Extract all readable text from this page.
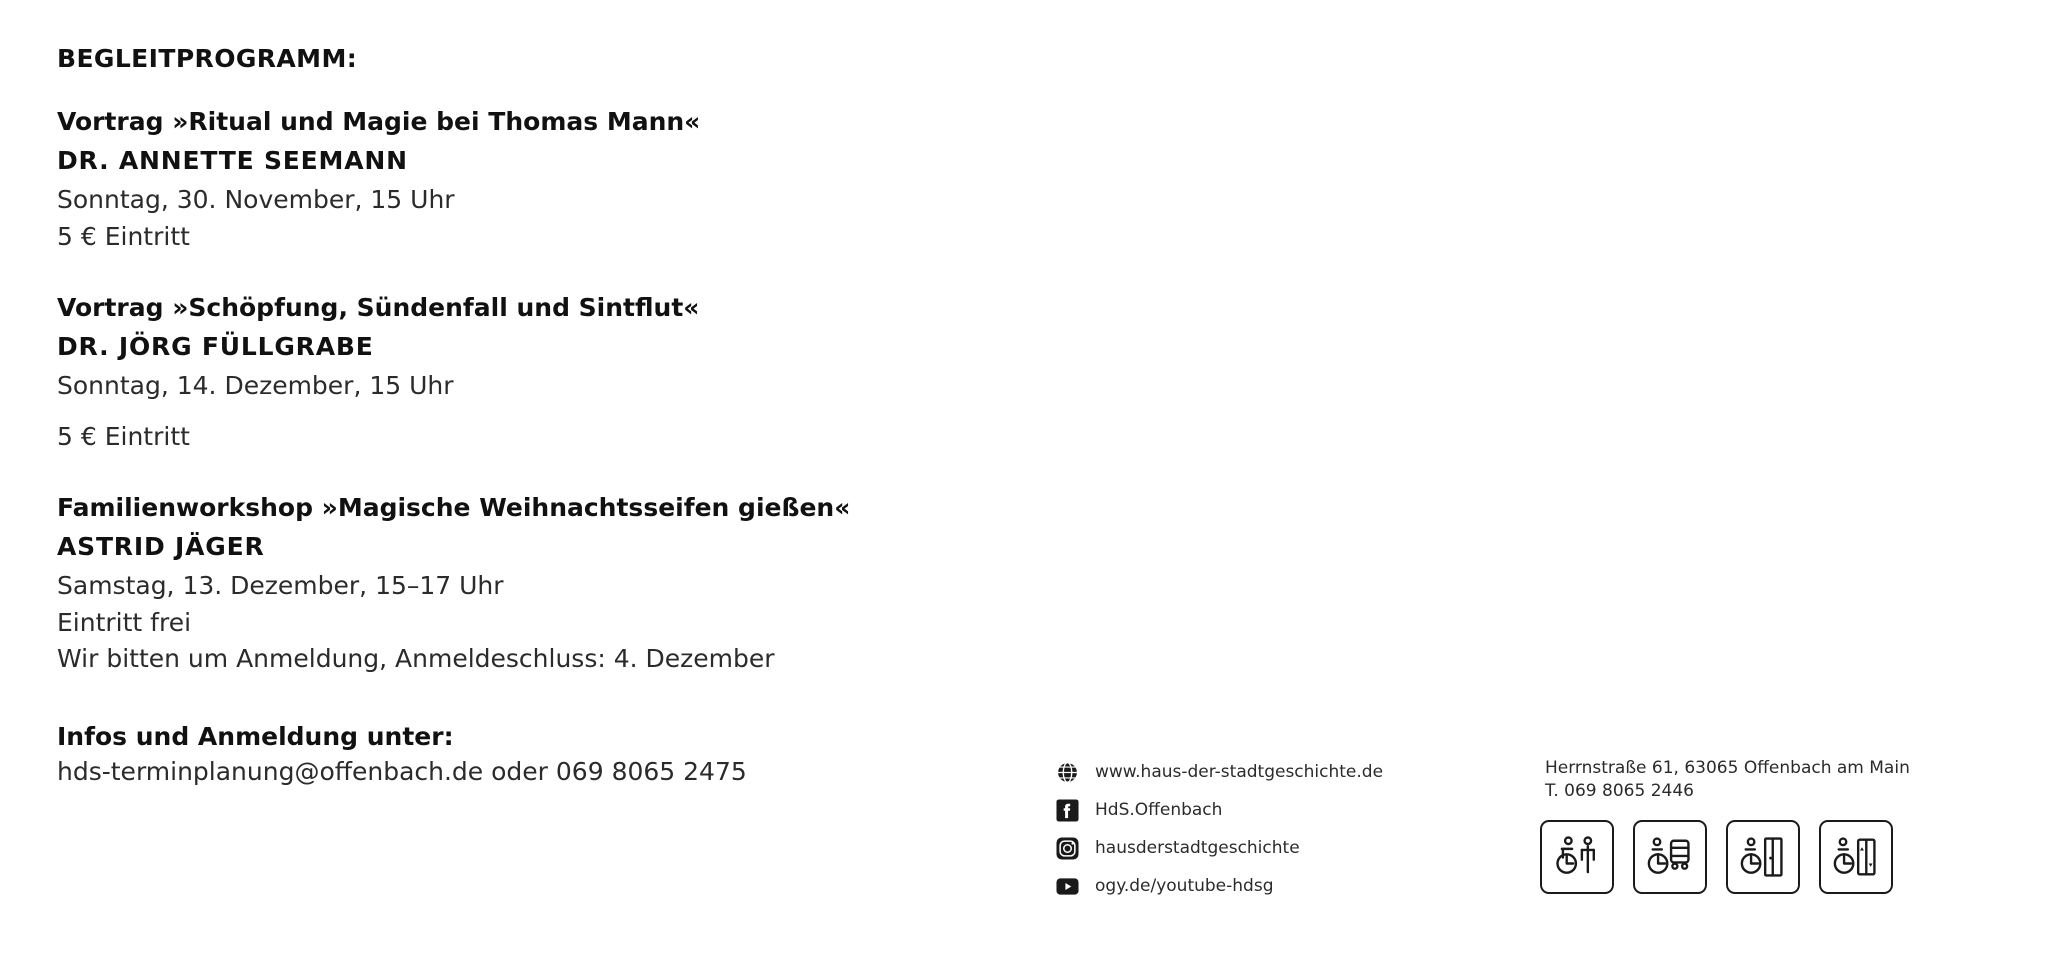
BEGLEITPROGRAMM:
Vortrag »Ritual und Magie bei Thomas Mann«
DR. ANNETTE SEEMANN
Sonntag, 30. November, 15 Uhr
5 € Eintritt
Vortrag »Schöpfung, Sündenfall und Sintflut«
DR. JÖRG FÜLLGRABE
Sonntag, 14. Dezember, 15 Uhr
5 € Eintritt
Familienworkshop »Magische Weihnachtsseifen gießen«
ASTRID JÄGER
Samstag, 13. Dezember, 15–17 Uhr
Eintritt frei
Wir bitten um Anmeldung, Anmeldeschluss: 4. Dezember
Infos und Anmeldung unter:
hds-terminplanung@offenbach.de oder 069 8065 2475	www.haus-der-stadtgeschichte.de
HdS.Offenbach
hausderstadtgeschichte
ogy.de/youtube-hdsg
Herrnstraße 61, 63065 Offenbach am Main
T. 069 8065 2446
